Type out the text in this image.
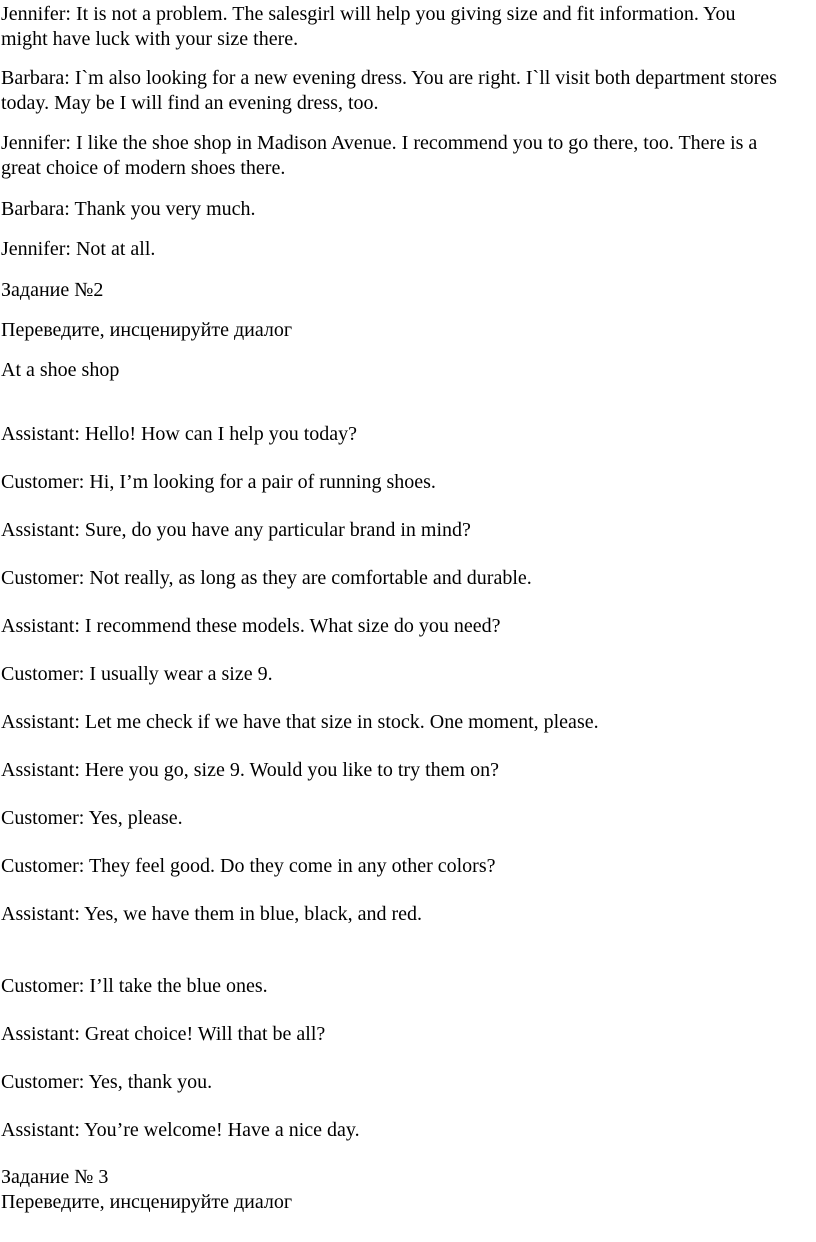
Jennifer: It is not a problem. The salesgirl will help you giving size and fit information. You

might have luck with your size there.

Barbara: I`m also looking for a new evening dress. You are right. I`ll visit both department stores

today. May be I will find an evening dress, too.

Jennifer: I like the shoe shop in Madison Avenue. I recommend you to go there, too. There is a

great choice of modern shoes there.

Barbara: Thank you very much.

Jennifer: Not at all.

Задание №2

Переведите, инсценируйте диалог

At a shoe shop

Assistant: Hello! How can I help you today?

Customer: Hi, I’m looking for a pair of running shoes.

Assistant: Sure, do you have any particular brand in mind?

Customer: Not really, as long as they are comfortable and durable.

Assistant: I recommend these models. What size do you need?

Customer: I usually wear a size 9.

Assistant: Let me check if we have that size in stock. One moment, please.

Assistant: Here you go, size 9. Would you like to try them on?

Customer: Yes, please.

Customer: They feel good. Do they come in any other colors?

Assistant: Yes, we have them in blue, black, and red.

Customer: I’ll take the blue ones.

Assistant: Great choice! Will that be all?

Customer: Yes, thank you.

Assistant: You’re welcome! Have a nice day.

Задание № 3

Переведите, инсценируйте диалог
